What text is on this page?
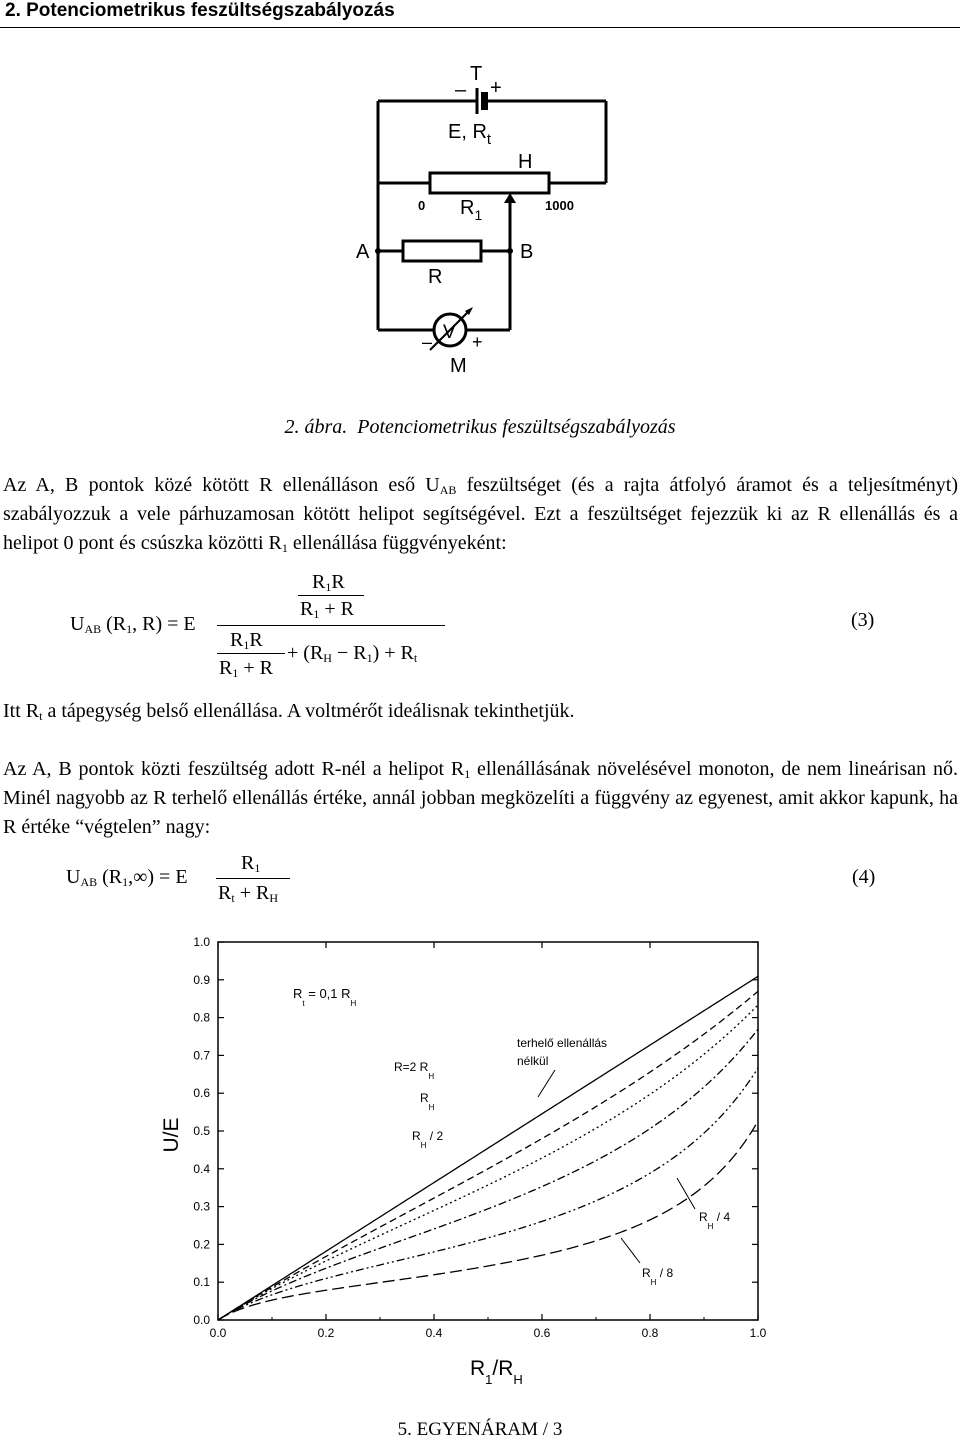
2. Potenciometrikus feszültségszabályozás
T
– +
E, $R_t$
H
0	1000
$R_1$
A	B
R
V
– +
M
2. ábra. Potenciometrikus feszültségszabályozás

Az A, B pontok közé kötött R ellenálláson eső $U_{AB}$ feszültséget (és a rajta átfolyó áramot és a teljesítményt) szabályozzuk a vele párhuzamosan kötött helipot segítségével. Ezt a feszültséget fejezzük ki az R ellenállás és a helipot 0 pont és csúszka közötti $R_1$ ellenállása függvényeként:

$U_{AB}$ ($R_1$, R) = E
$R_1R$
$R_1 + R$
$R_1R$
$R_1 + R$
+ $(R_H - R_1) + R_t$
(3)

Itt $R_t$ a tápegység belső ellenállása. A voltmérőt ideálisnak tekinthetjük.

Az A, B pontok közti feszültség adott R-nél a helipot $R_1$ ellenállásának növelésével monoton, de nem lineárisan nő. Minél nagyobb az R terhelő ellenállás értéke, annál jobban megközelíti a függvény az egyenest, amit akkor kapunk, ha R értéke “végtelen” nagy:

$U_{AB}$ $(R_1,\infty) = E$
$R_1$
$R_t + R_H$
(4)
0.0	0.2	0.4	0.6	0.8	1.0
0.0
0.1
0.2
0.3
0.4
0.5
0.6
0.7
0.8
0.9
1.0
$R_t = 0,1$ $R_H$
terhelő ellenállás
nélkül
R=2 $R_H$
$R_H$
$R_H / 2$
$R_H / 4$
$R_H / 8$
U/E
$R_1/R_H$
5. EGYENÁRAM / 3
